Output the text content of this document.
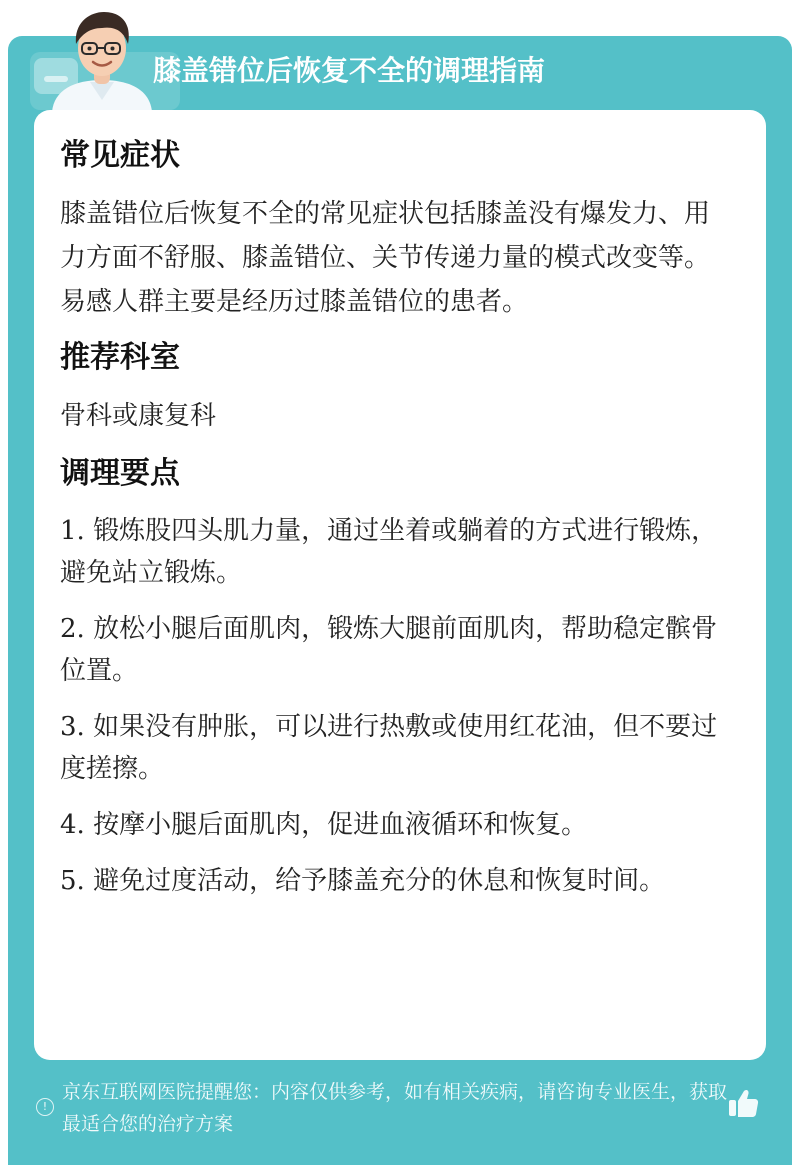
膝盖错位后恢复不全的调理指南
常见症状
膝盖错位后恢复不全的常见症状包括膝盖没有爆发力、用力方面不舒服、膝盖错位、关节传递力量的模式改变等。易感人群主要是经历过膝盖错位的患者。
推荐科室
骨科或康复科
调理要点
1. 锻炼股四头肌力量，通过坐着或躺着的方式进行锻炼，避免站立锻炼。
2. 放松小腿后面肌肉，锻炼大腿前面肌肉，帮助稳定髌骨位置。
3. 如果没有肿胀，可以进行热敷或使用红花油，但不要过度搓擦。
4. 按摩小腿后面肌肉，促进血液循环和恢复。
5. 避免过度活动，给予膝盖充分的休息和恢复时间。
!
京东互联网医院提醒您：内容仅供参考，如有相关疾病，请咨询专业医生，获取最适合您的治疗方案
